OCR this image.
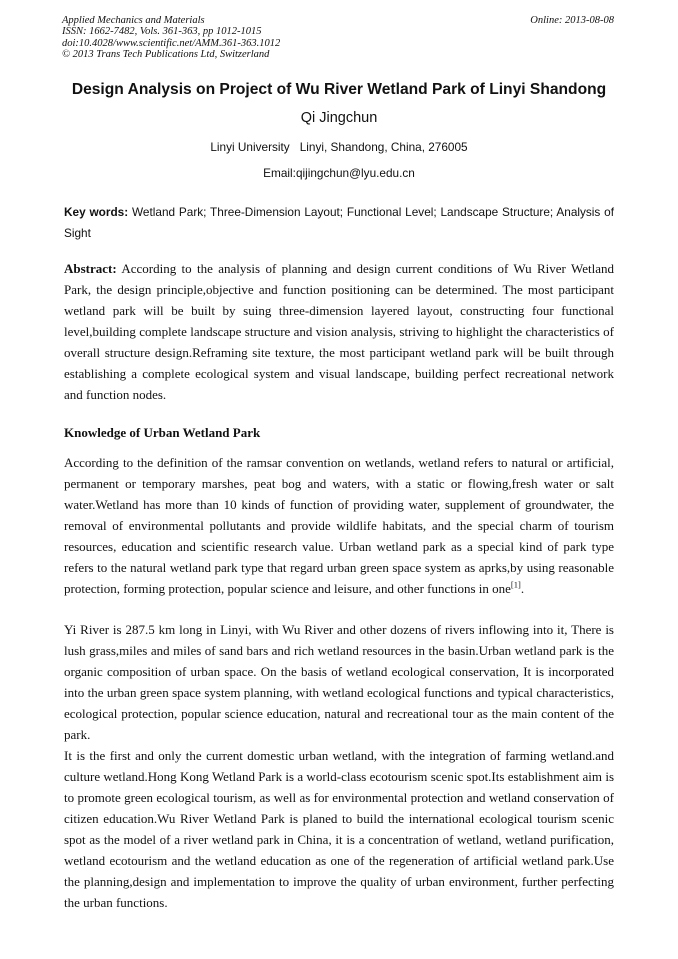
Applied Mechanics and Materials
ISSN: 1662-7482, Vols. 361-363, pp 1012-1015
doi:10.4028/www.scientific.net/AMM.361-363.1012
© 2013 Trans Tech Publications Ltd, Switzerland
Online: 2013-08-08
Design Analysis on Project of Wu River Wetland Park of Linyi Shandong
Qi Jingchun
Linyi University Linyi, Shandong, China, 276005
Email:qijingchun@lyu.edu.cn
Key words: Wetland Park; Three-Dimension Layout; Functional Level; Landscape Structure; Analysis of Sight
Abstract: According to the analysis of planning and design current conditions of Wu River Wetland Park, the design principle,objective and function positioning can be determined. The most participant wetland park will be built by suing three-dimension layered layout, constructing four functional level,building complete landscape structure and vision analysis, striving to highlight the characteristics of overall structure design.Reframing site texture, the most participant wetland park will be built through establishing a complete ecological system and visual landscape, building perfect recreational network and function nodes.
Knowledge of Urban Wetland Park
According to the definition of the ramsar convention on wetlands, wetland refers to natural or artificial, permanent or temporary marshes, peat bog and waters, with a static or flowing,fresh water or salt water.Wetland has more than 10 kinds of function of providing water, supplement of groundwater, the removal of environmental pollutants and provide wildlife habitats, and the special charm of tourism resources, education and scientific research value. Urban wetland park as a special kind of park type refers to the natural wetland park type that regard urban green space system as aprks,by using reasonable protection, forming protection, popular science and leisure, and other functions in one[1].
Yi River is 287.5 km long in Linyi, with Wu River and other dozens of rivers inflowing into it, There is lush grass,miles and miles of sand bars and rich wetland resources in the basin.Urban wetland park is the organic composition of urban space. On the basis of wetland ecological conservation, It is incorporated into the urban green space system planning, with wetland ecological functions and typical characteristics, ecological protection, popular science education, natural and recreational tour as the main content of the park.
It is the first and only the current domestic urban wetland, with the integration of farming wetland.and culture wetland.Hong Kong Wetland Park is a world-class ecotourism scenic spot.Its establishment aim is to promote green ecological tourism, as well as for environmental protection and wetland conservation of citizen education.Wu River Wetland Park is planed to build the international ecological tourism scenic spot as the model of a river wetland park in China, it is a concentration of wetland, wetland purification, wetland ecotourism and the wetland education as one of the regeneration of artificial wetland park.Use the planning,design and implementation to improve the quality of urban environment, further perfecting the urban functions.
